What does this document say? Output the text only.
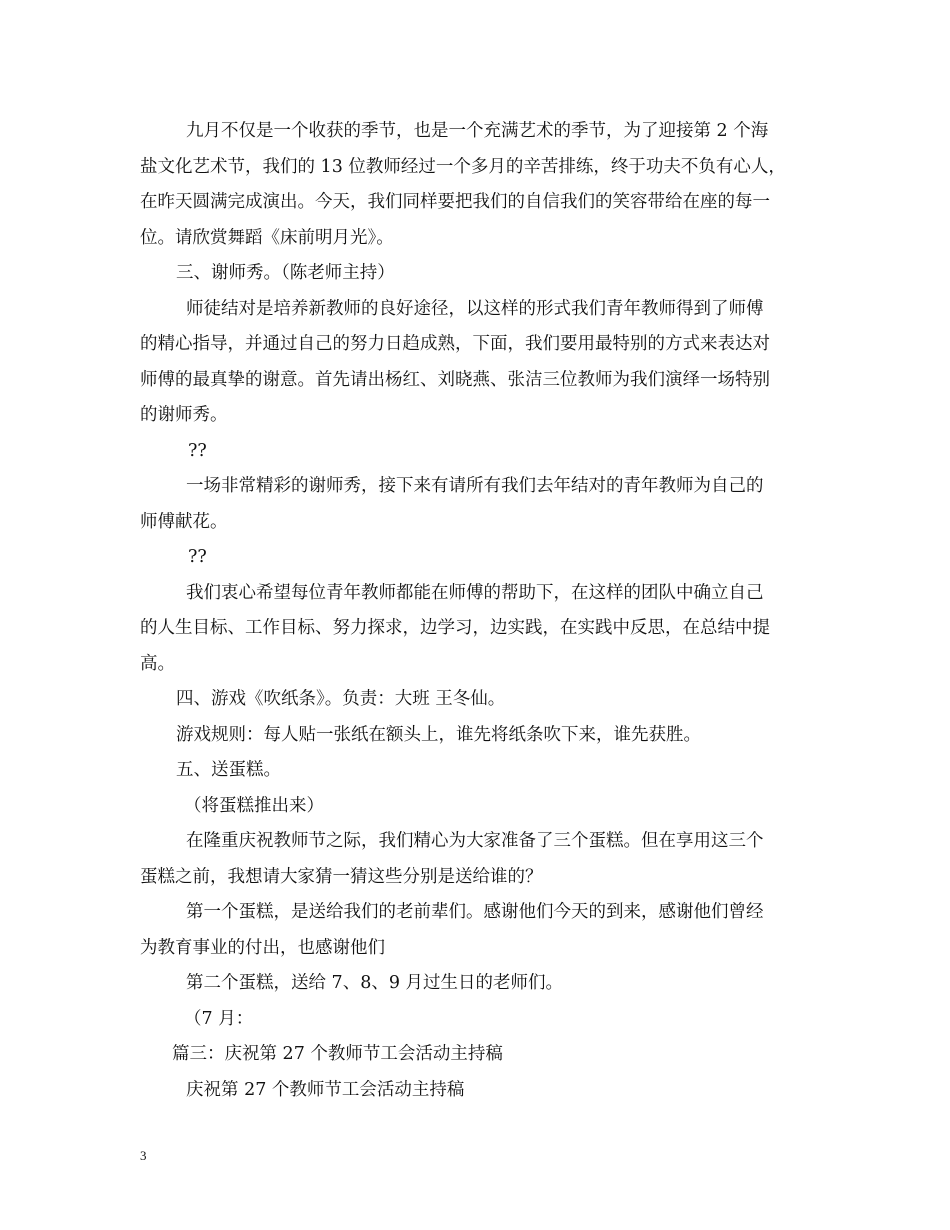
九月不仅是一个收获的季节，也是一个充满艺术的季节，为了迎接第 2 个海

盐文化艺术节，我们的 13 位教师经过一个多月的辛苦排练，终于功夫不负有心人，

在昨天圆满完成演出。今天，我们同样要把我们的自信我们的笑容带给在座的每一

位。请欣赏舞蹈《床前明月光》。

三、谢师秀。（陈老师主持）

师徒结对是培养新教师的良好途径，以这样的形式我们青年教师得到了师傅

的精心指导，并通过自己的努力日趋成熟，下面，我们要用最特别的方式来表达对

师傅的最真挚的谢意。首先请出杨红、刘晓燕、张洁三位教师为我们演绎一场特别

的谢师秀。

??

一场非常精彩的谢师秀，接下来有请所有我们去年结对的青年教师为自己的

师傅献花。

??

我们衷心希望每位青年教师都能在师傅的帮助下，在这样的团队中确立自己

的人生目标、工作目标、努力探求，边学习，边实践，在实践中反思，在总结中提

高。

四、游戏《吹纸条》。负责：大班 王冬仙。

游戏规则：每人贴一张纸在额头上，谁先将纸条吹下来，谁先获胜。

五、送蛋糕。

（将蛋糕推出来）

在隆重庆祝教师节之际，我们精心为大家准备了三个蛋糕。但在享用这三个

蛋糕之前，我想请大家猜一猜这些分别是送给谁的？

第一个蛋糕，是送给我们的老前辈们。感谢他们今天的到来，感谢他们曾经

为教育事业的付出，也感谢他们

第二个蛋糕，送给 7、8、9 月过生日的老师们。

（7 月：

篇三：庆祝第 27 个教师节工会活动主持稿

庆祝第 27 个教师节工会活动主持稿

3
